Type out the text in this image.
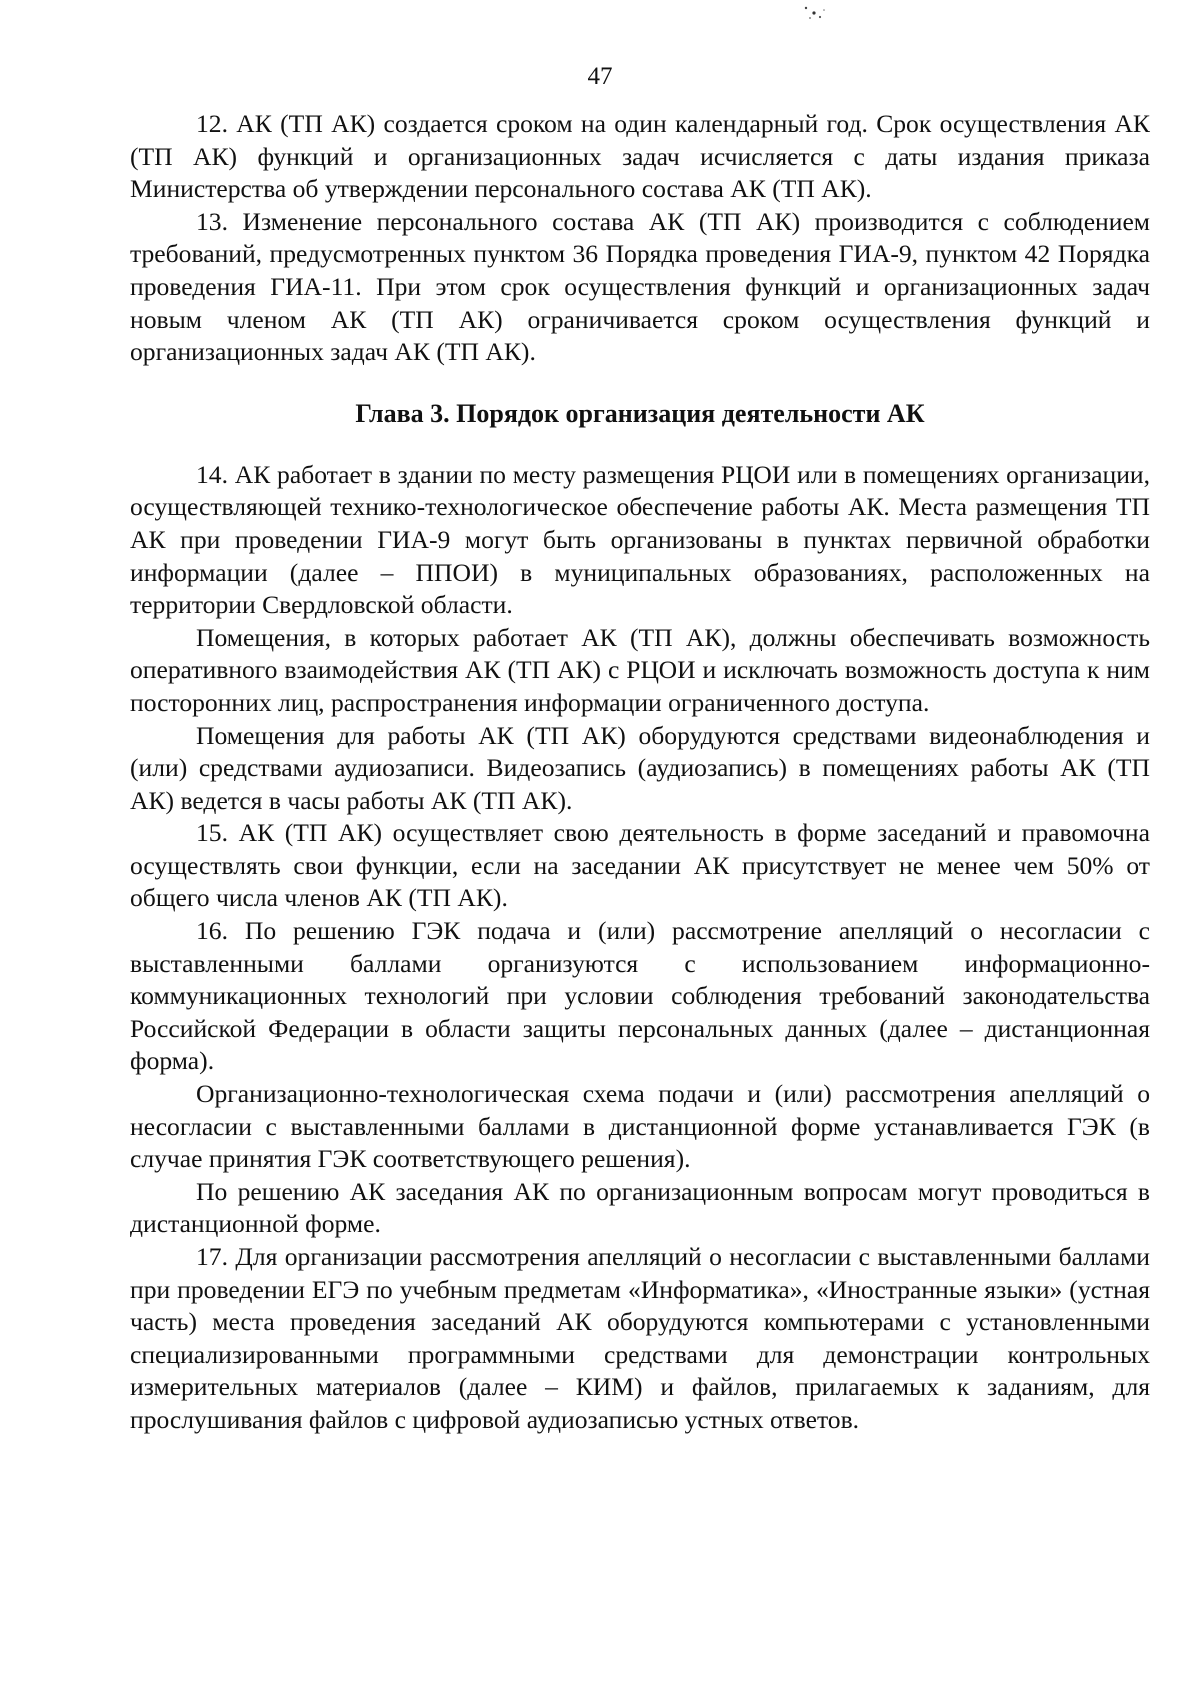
47

12. АК (ТП АК) создается сроком на один календарный год. Срок осуществления АК (ТП АК) функций и организационных задач исчисляется с даты издания приказа Министерства об утверждении персонального состава АК (ТП АК).

13. Изменение персонального состава АК (ТП АК) производится с соблюдением требований, предусмотренных пунктом 36 Порядка проведения ГИА-9, пунктом 42 Порядка проведения ГИА-11. При этом срок осуществления функций и организационных задач новым членом АК (ТП АК) ограничивается сроком осуществления функций и организационных задач АК (ТП АК).

Глава 3. Порядок организация деятельности АК

14. АК работает в здании по месту размещения РЦОИ или в помещениях организации, осуществляющей технико-технологическое обеспечение работы АК. Места размещения ТП АК при проведении ГИА-9 могут быть организованы в пунктах первичной обработки информации (далее – ППОИ) в муниципальных образованиях, расположенных на территории Свердловской области.

Помещения, в которых работает АК (ТП АК), должны обеспечивать возможность оперативного взаимодействия АК (ТП АК) с РЦОИ и исключать возможность доступа к ним посторонних лиц, распространения информации ограниченного доступа.

Помещения для работы АК (ТП АК) оборудуются средствами видеонаблюдения и (или) средствами аудиозаписи. Видеозапись (аудиозапись) в помещениях работы АК (ТП АК) ведется в часы работы АК (ТП АК).

15. АК (ТП АК) осуществляет свою деятельность в форме заседаний и правомочна осуществлять свои функции, если на заседании АК присутствует не менее чем 50% от общего числа членов АК (ТП АК).

16. По решению ГЭК подача и (или) рассмотрение апелляций о несогласии с выставленными баллами организуются с использованием информационно-коммуникационных технологий при условии соблюдения требований законодательства Российской Федерации в области защиты персональных данных (далее – дистанционная форма).

Организационно-технологическая схема подачи и (или) рассмотрения апелляций о несогласии с выставленными баллами в дистанционной форме устанавливается ГЭК (в случае принятия ГЭК соответствующего решения).

По решению АК заседания АК по организационным вопросам могут проводиться в дистанционной форме.

17. Для организации рассмотрения апелляций о несогласии с выставленными баллами при проведении ЕГЭ по учебным предметам «Информатика», «Иностранные языки» (устная часть) места проведения заседаний АК оборудуются компьютерами с установленными специализированными программными средствами для демонстрации контрольных измерительных материалов (далее – КИМ) и файлов, прилагаемых к заданиям, для прослушивания файлов с цифровой аудиозаписью устных ответов.
